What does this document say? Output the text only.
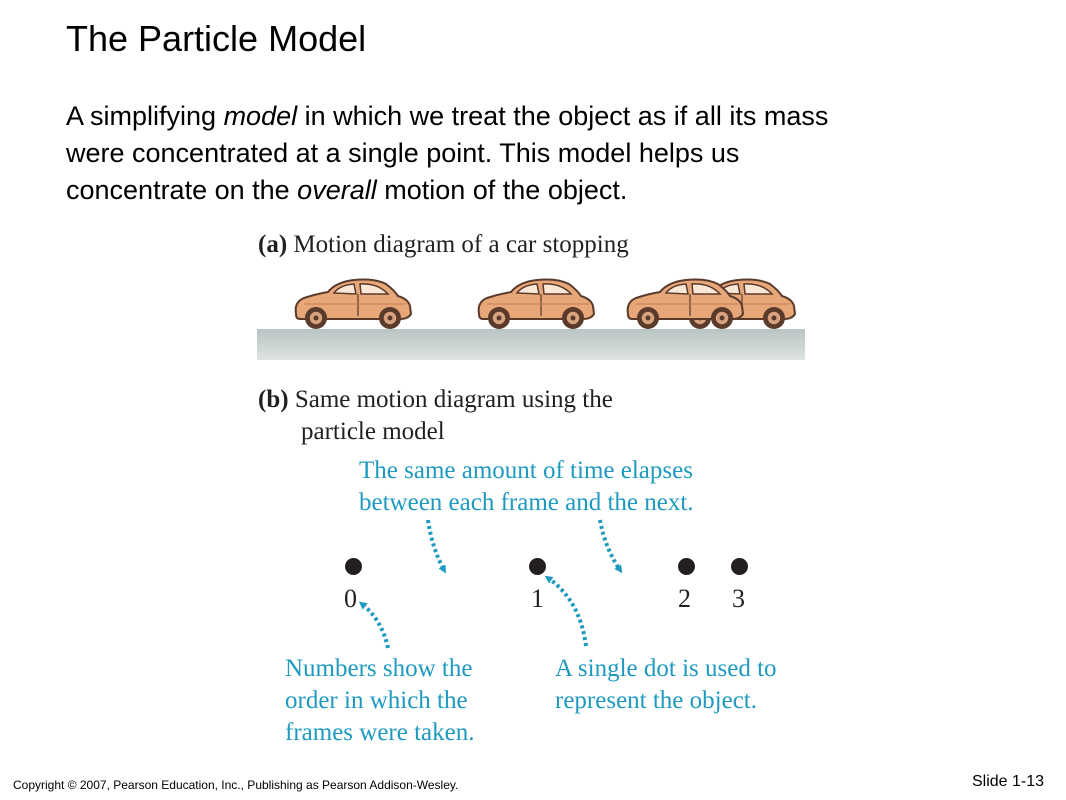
The Particle Model
A simplifying model in which we treat the object as if all its mass
were concentrated at a single point. This model helps us
concentrate on the overall motion of the object.
(a) Motion diagram of a car stopping
(b) Same motion diagram using the
particle model
The same amount of time elapses
between each frame and the next.
0	1	2 3
Numbers show the
order in which the
frames were taken.
A single dot is used to
represent the object.
Copyright © 2007, Pearson Education, Inc., Publishing as Pearson Addison-Wesley.	Slide 1-13
